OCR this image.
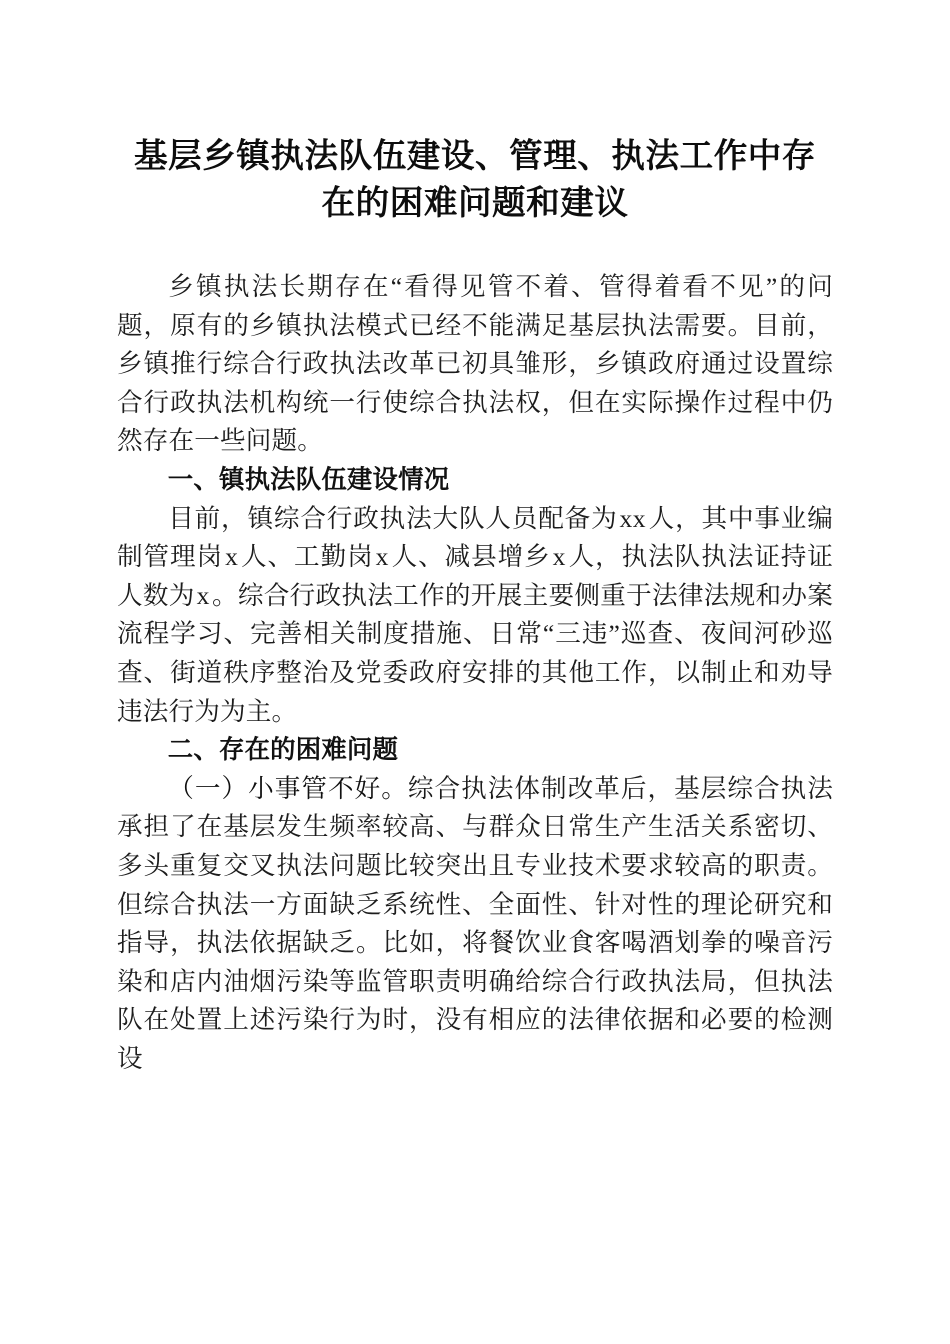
基层乡镇执法队伍建设、管理、执法工作中存
在的困难问题和建议

乡镇执法长期存在“看得见管不着、管得着看不见”的问题，原有的乡镇执法模式已经不能满足基层执法需要。目前，乡镇推行综合行政执法改革已初具雏形，乡镇政府通过设置综合行政执法机构统一行使综合执法权，但在实际操作过程中仍然存在一些问题。

一、镇执法队伍建设情况

目前，镇综合行政执法大队人员配备为xx人，其中事业编制管理岗x人、工勤岗x人、减县增乡x人，执法队执法证持证人数为x。综合行政执法工作的开展主要侧重于法律法规和办案流程学习、完善相关制度措施、日常“三违”巡查、夜间河砂巡查、街道秩序整治及党委政府安排的其他工作，以制止和劝导违法行为为主。

二、存在的困难问题

（一）小事管不好。综合执法体制改革后，基层综合执法承担了在基层发生频率较高、与群众日常生产生活关系密切、多头重复交叉执法问题比较突出且专业技术要求较高的职责。但综合执法一方面缺乏系统性、全面性、针对性的理论研究和指导，执法依据缺乏。比如，将餐饮业食客喝酒划拳的噪音污染和店内油烟污染等监管职责明确给综合行政执法局，但执法队在处置上述污染行为时，没有相应的法律依据和必要的检测设
